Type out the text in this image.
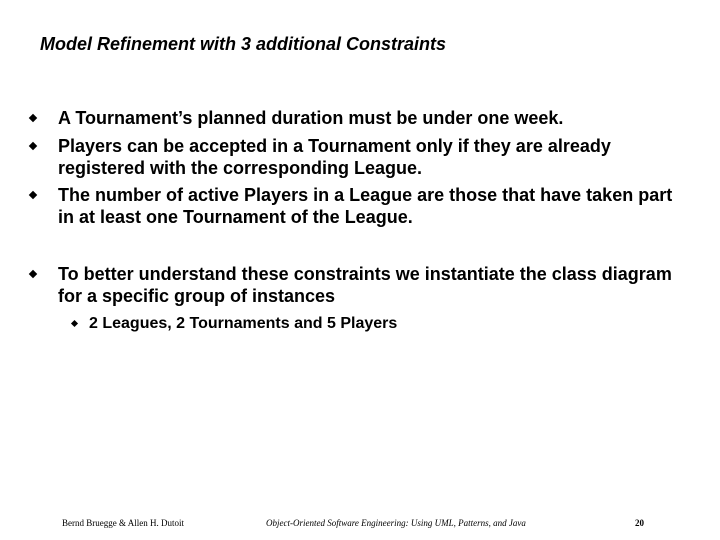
Model Refinement with 3 additional Constraints
A Tournament’s planned duration must be under one week.
Players can be accepted in a Tournament only if they are already registered with the corresponding League.
The number of active Players in a League are those that have taken part in at least one Tournament of the League.
To better understand these constraints we instantiate the class diagram for a specific group of instances
2 Leagues, 2 Tournaments and 5 Players
Bernd Bruegge & Allen H. Dutoit	Object-Oriented Software Engineering: Using UML, Patterns, and Java	20
